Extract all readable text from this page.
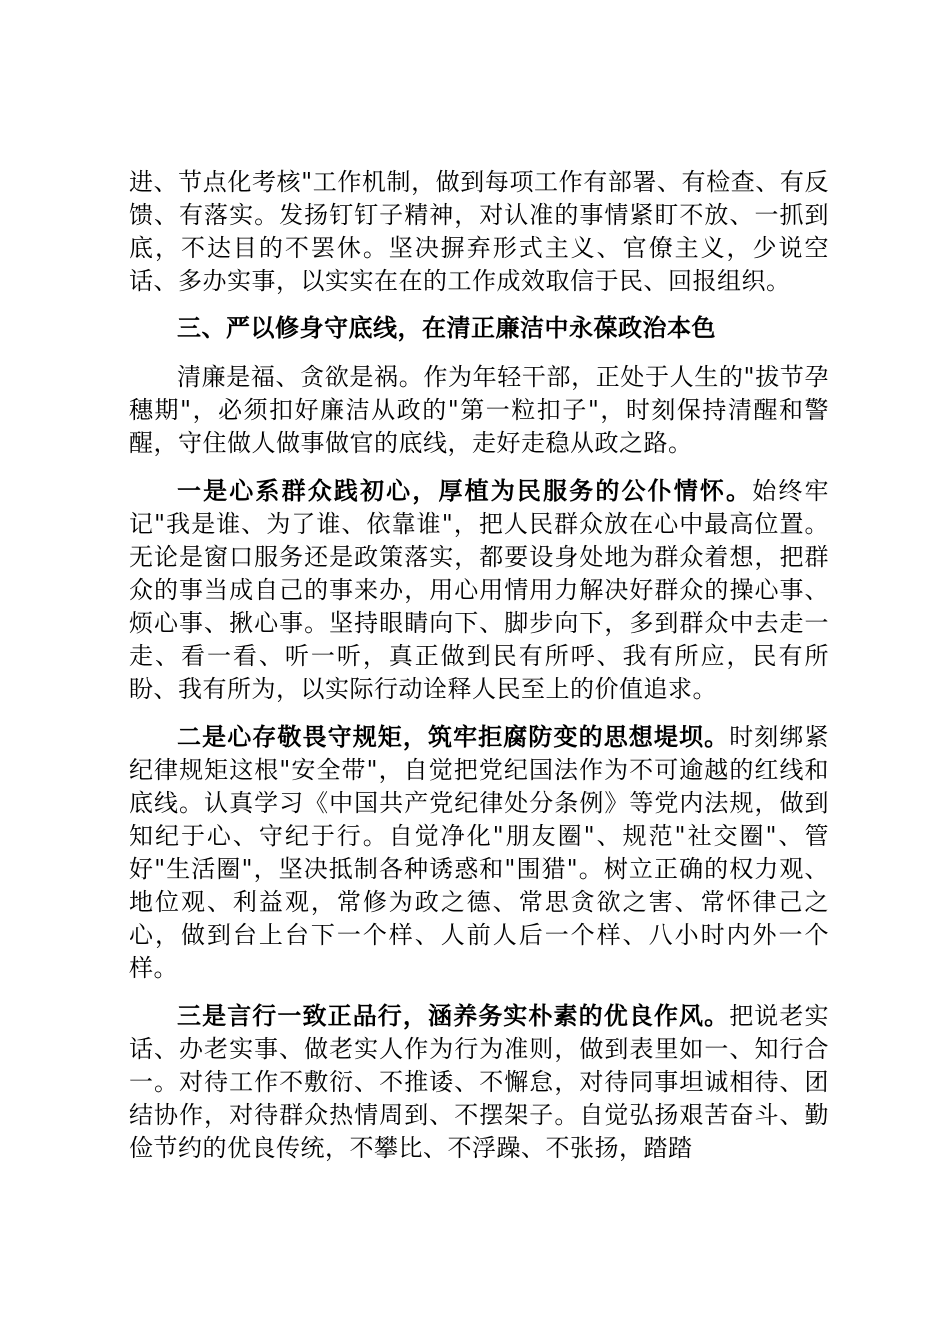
进、节点化考核"工作机制，做到每项工作有部署、有检查、有反馈、有落实。发扬钉钉子精神，对认准的事情紧盯不放、一抓到底，不达目的不罢休。坚决摒弃形式主义、官僚主义，少说空话、多办实事，以实实在在的工作成效取信于民、回报组织。

三、严以修身守底线，在清正廉洁中永葆政治本色

清廉是福、贪欲是祸。作为年轻干部，正处于人生的"拔节孕穗期"，必须扣好廉洁从政的"第一粒扣子"，时刻保持清醒和警醒，守住做人做事做官的底线，走好走稳从政之路。

一是心系群众践初心，厚植为民服务的公仆情怀。始终牢记"我是谁、为了谁、依靠谁"，把人民群众放在心中最高位置。无论是窗口服务还是政策落实，都要设身处地为群众着想，把群众的事当成自己的事来办，用心用情用力解决好群众的操心事、烦心事、揪心事。坚持眼睛向下、脚步向下，多到群众中去走一走、看一看、听一听，真正做到民有所呼、我有所应，民有所盼、我有所为，以实际行动诠释人民至上的价值追求。

二是心存敬畏守规矩，筑牢拒腐防变的思想堤坝。时刻绑紧纪律规矩这根"安全带"，自觉把党纪国法作为不可逾越的红线和底线。认真学习《中国共产党纪律处分条例》等党内法规，做到知纪于心、守纪于行。自觉净化"朋友圈"、规范"社交圈"、管好"生活圈"，坚决抵制各种诱惑和"围猎"。树立正确的权力观、地位观、利益观，常修为政之德、常思贪欲之害、常怀律己之心，做到台上台下一个样、人前人后一个样、八小时内外一个样。

三是言行一致正品行，涵养务实朴素的优良作风。把说老实话、办老实事、做老实人作为行为准则，做到表里如一、知行合一。对待工作不敷衍、不推诿、不懈怠，对待同事坦诚相待、团结协作，对待群众热情周到、不摆架子。自觉弘扬艰苦奋斗、勤俭节约的优良传统，不攀比、不浮躁、不张扬，踏踏
